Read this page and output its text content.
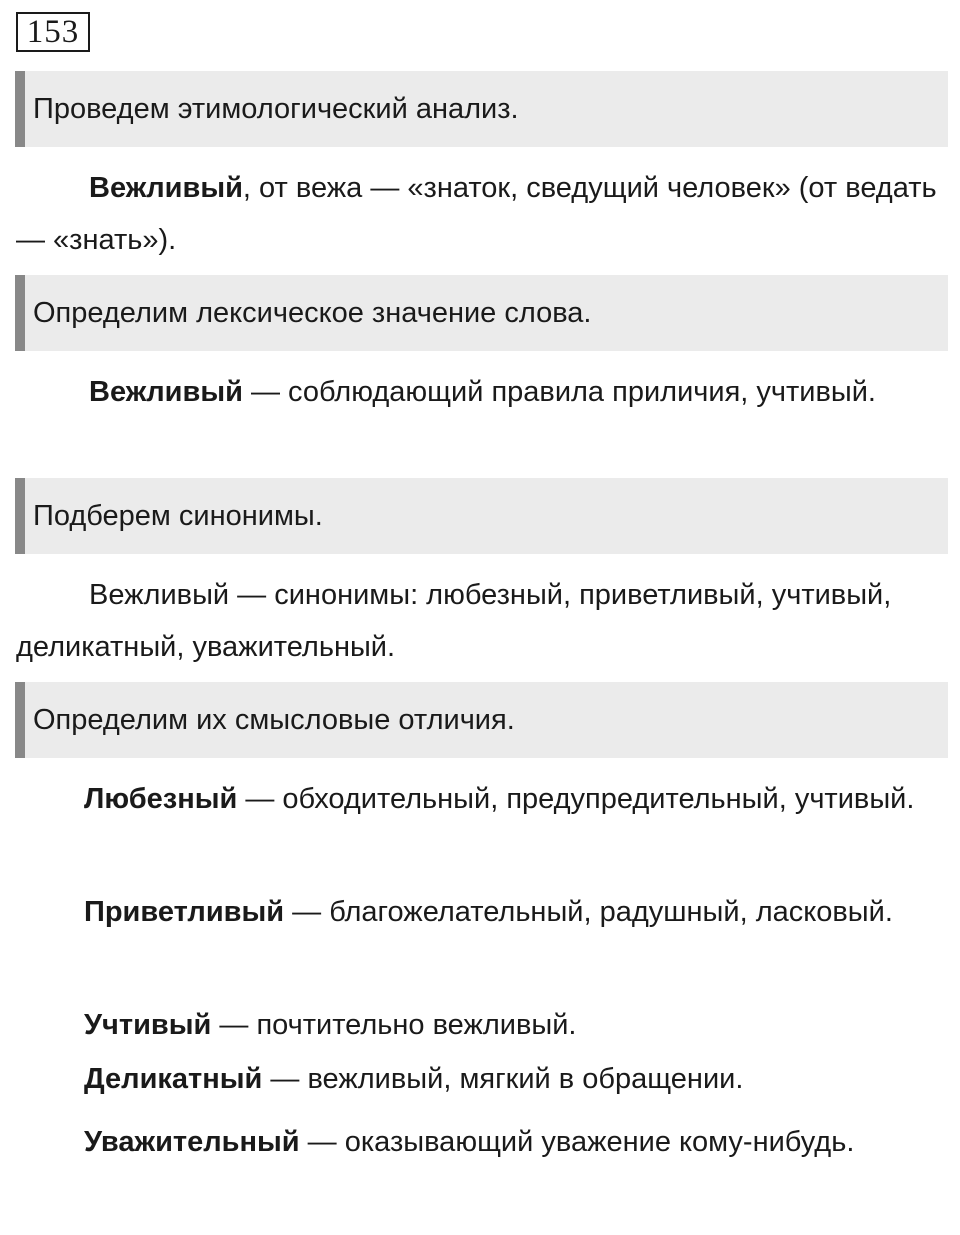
153
Проведем этимологический анализ.
Вежливый, от вежа — «знаток, сведущий человек» (от ведать — «знать»).
Определим лексическое значение слова.
Вежливый — соблюдающий правила приличия, учтивый.
Подберем синонимы.
Вежливый — синонимы: любезный, приветливый, учтивый, деликатный, уважительный.
Определим их смысловые отличия.
Любезный — обходительный, предупредительный, учтивый.
Приветливый — благожелательный, радушный, ласковый.
Учтивый — почтительно вежливый.
Деликатный — вежливый, мягкий в обращении.
Уважительный — оказывающий уважение кому-нибудь.
